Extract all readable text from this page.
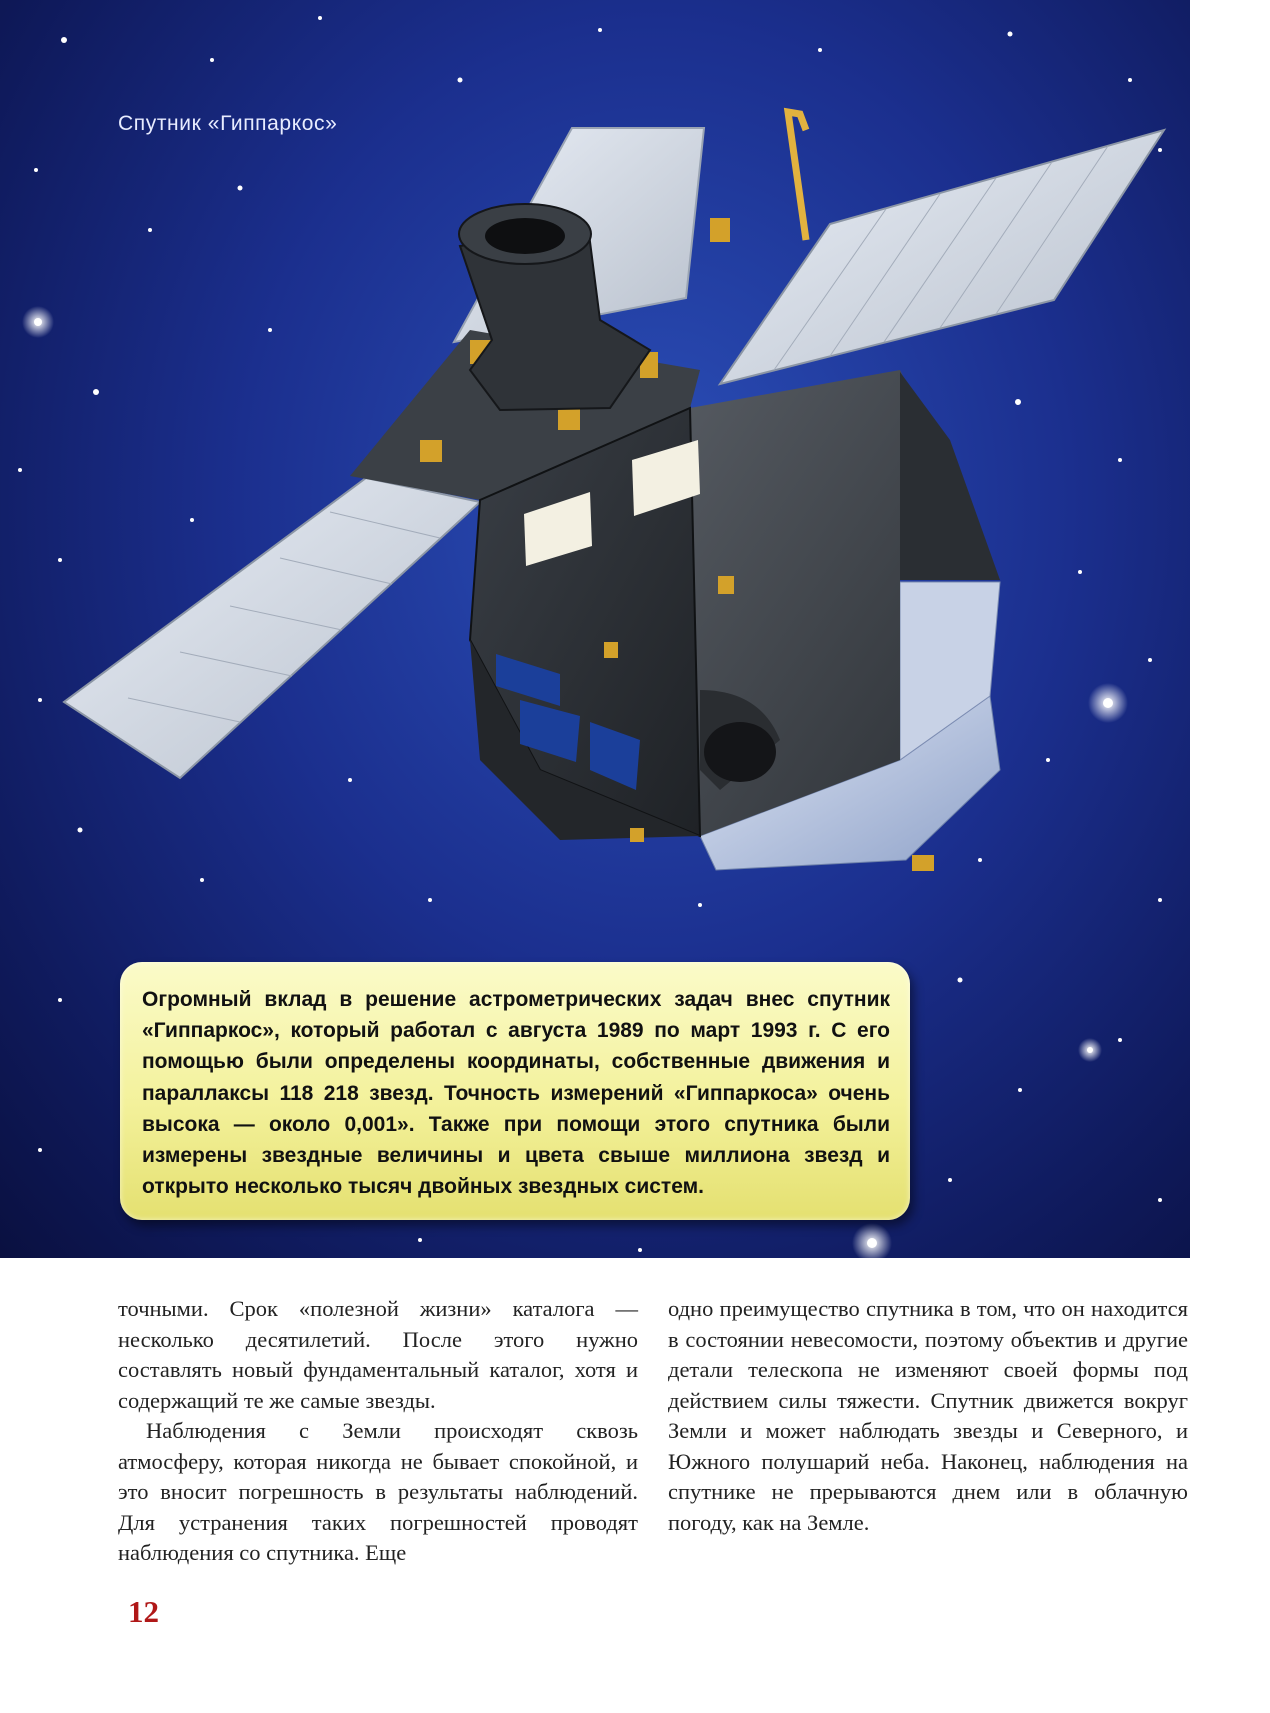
Спутник «Гиппаркос»

Огромный вклад в решение астрометрических задач внес спутник «Гиппаркос», который работал с августа 1989 по март 1993 г. С его помощью были определены координаты, собственные движения и параллаксы 118 218 звезд. Точность измерений «Гиппаркоса» очень высока — около 0,001». Также при помощи этого спутника были измерены звездные величины и цвета свыше миллиона звезд и открыто несколько тысяч двойных звездных систем.

точными. Срок «полезной жизни» каталога — несколько десятилетий. После этого нужно составлять новый фундаментальный каталог, хотя и содержащий те же самые звезды.

Наблюдения с Земли происходят сквозь атмосферу, которая никогда не бывает спокойной, и это вносит погрешность в результаты наблюдений. Для устранения таких погрешностей проводят наблюдения со спутника. Еще

одно преимущество спутника в том, что он находится в состоянии невесомости, поэтому объектив и другие детали телескопа не изменяют своей формы под действием силы тяжести. Спутник движется вокруг Земли и может наблюдать звезды и Северного, и Южного полушарий неба. Наконец, наблюдения на спутнике не прерываются днем или в облачную погоду, как на Земле.

12
